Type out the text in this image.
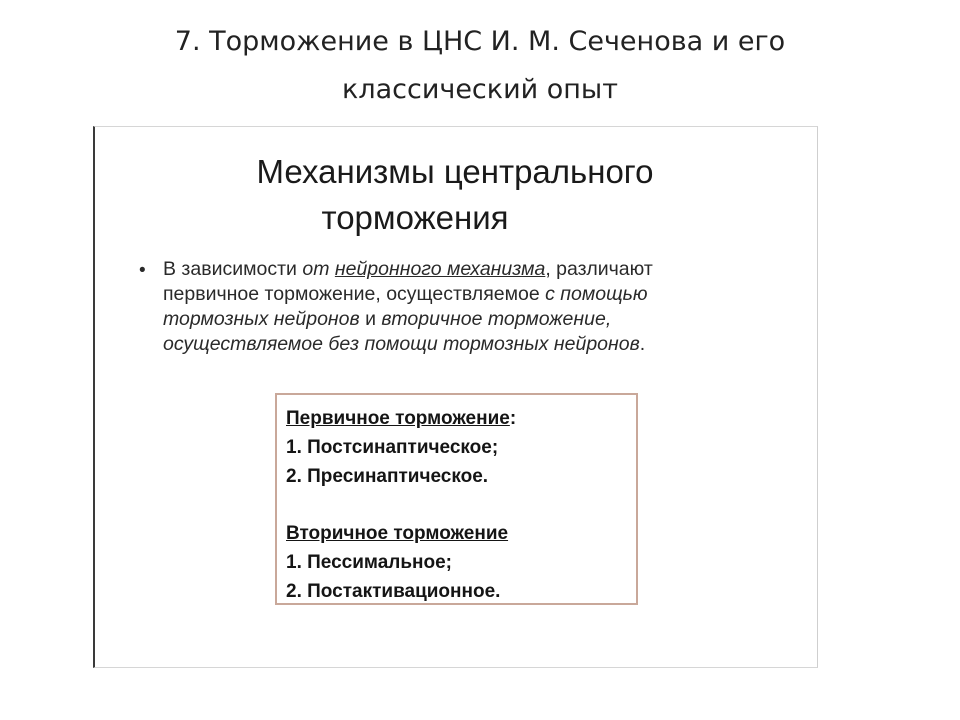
7. Торможение в ЦНС И. М. Сеченова и его
классический опыт
Механизмы центрального
торможения
• В зависимости от нейронного механизма, различают
первичное торможение, осуществляемое с помощью
тормозных нейронов и вторичное торможение,
осуществляемое без помощи тормозных нейронов.
Первичное торможение:
1. Постсинаптическое;
2. Пресинаптическое.
Вторичное торможение
1. Пессимальное;
2. Постактивационное.
